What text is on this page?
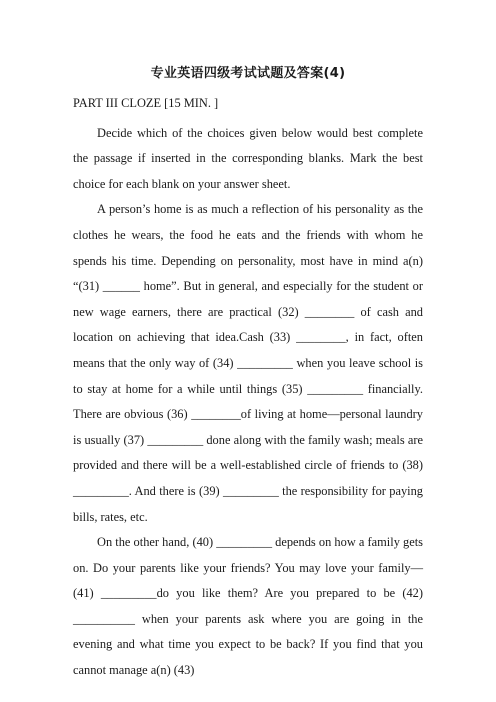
专业英语四级考试试题及答案(4)

PART III CLOZE [15 MIN. ]

Decide which of the choices given below would best complete the passage if inserted in the corresponding blanks. Mark the best choice for each blank on your answer sheet.

A person’s home is as much a reflection of his personality as the clothes he wears, the food he eats and the friends with whom he spends his time. Depending on personality, most have in mind a(n) “(31) ______ home”. But in general, and especially for the student or new wage earners, there are practical (32) ________ of cash and location on achieving that idea.Cash (33) ________, in fact, often means that the only way of (34) _________ when you leave school is to stay at home for a while until things (35) _________ financially. There are obvious (36) ________of living at home—personal laundry is usually (37) _________ done along with the family wash; meals are provided and there will be a well-established circle of friends to (38) _________. And there is (39) _________ the responsibility for paying bills, rates, etc.

On the other hand, (40) _________ depends on how a family gets on. Do your parents like your friends? You may love your family—(41) _________do you like them? Are you prepared to be (42) __________ when your parents ask where you are going in the evening and what time you expect to be back? If you find that you cannot manage a(n) (43)
